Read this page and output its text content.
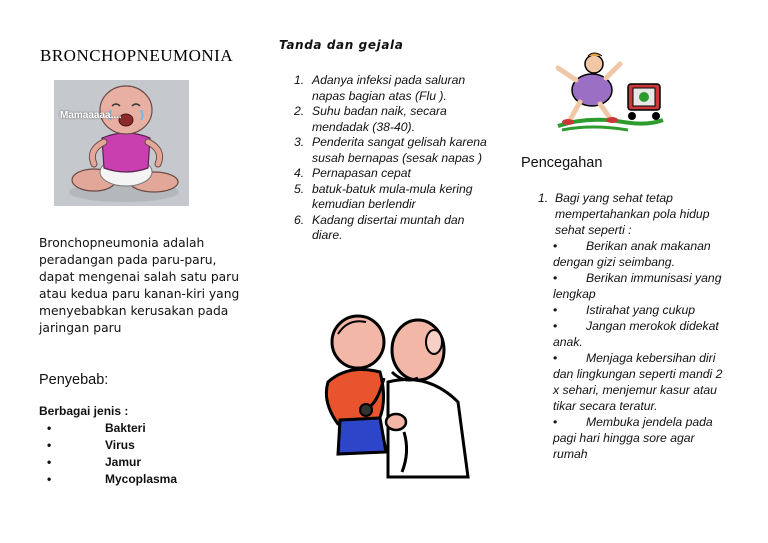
BRONCHOPNEUMONIA
Mamaaaaa....
Bronchopneumonia adalah peradangan pada paru-paru, dapat mengenai salah satu paru atau kedua paru kanan-kiri yang menyebabkan kerusakan pada jaringan paru
Penyebab:
Berbagai jenis :
•	Bakteri
•	Virus
•	Jamur
•	Mycoplasma
Tanda dan gejala
1. Adanya infeksi pada saluran napas bagian atas (Flu ).
2. Suhu badan naik, secara mendadak (38-40).
3. Penderita sangat gelisah karena susah bernapas (sesak napas )
4. Pernapasan cepat
5. batuk-batuk mula-mula kering kemudian berlendir
6. Kadang disertai muntah dan diare.
Pencegahan
1. Bagi yang sehat tetap mempertahankan pola hidup sehat seperti :
•	Berikan anak makanan dengan gizi seimbang.
•	Berikan immunisasi yang lengkap
•	Istirahat yang cukup
•	Jangan merokok didekat anak.
•	Menjaga kebersihan diri dan lingkungan seperti mandi 2 x sehari, menjemur kasur atau tikar secara teratur.
•	Membuka jendela pada pagi hari hingga sore agar rumah
